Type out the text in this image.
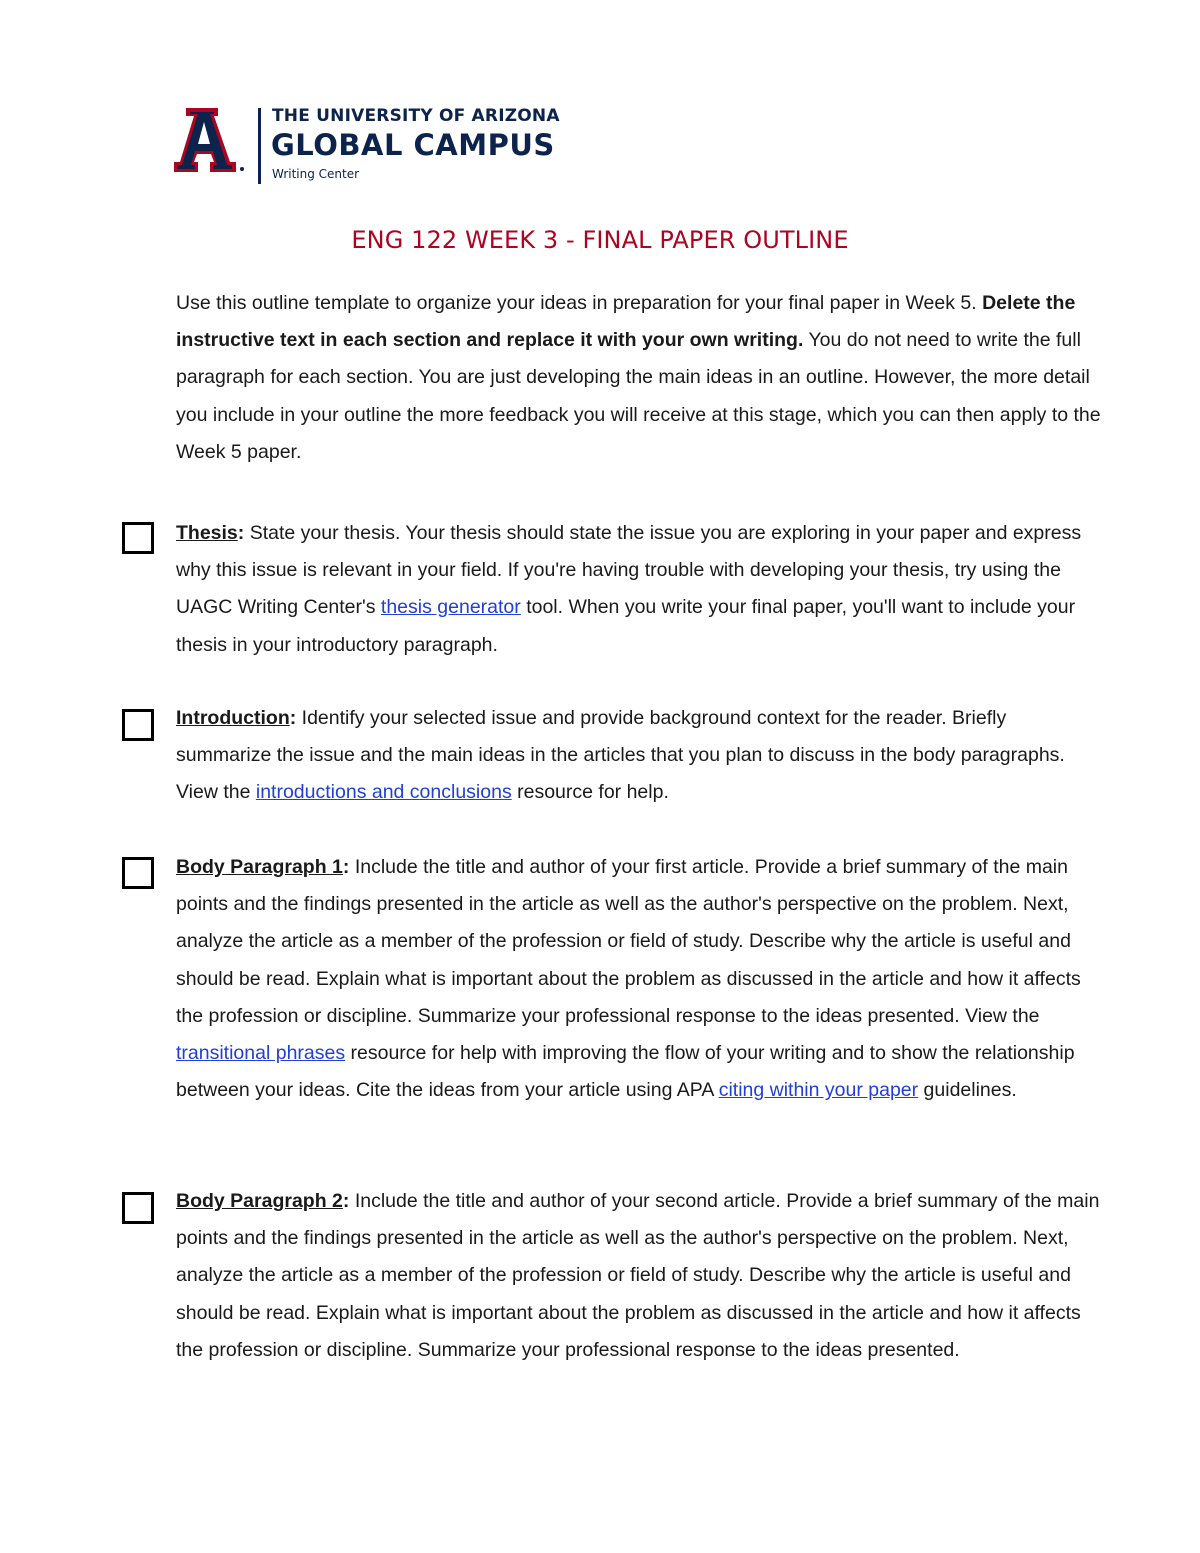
THE UNIVERSITY OF ARIZONA
GLOBAL CAMPUS
Writing Center
ENG 122 WEEK 3 - FINAL PAPER OUTLINE
Use this outline template to organize your ideas in preparation for your final paper in Week 5. Delete the instructive text in each section and replace it with your own writing. You do not need to write the full paragraph for each section. You are just developing the main ideas in an outline. However, the more detail you include in your outline the more feedback you will receive at this stage, which you can then apply to the Week 5 paper.
Thesis: State your thesis. Your thesis should state the issue you are exploring in your paper and express why this issue is relevant in your field. If you're having trouble with developing your thesis, try using the UAGC Writing Center's thesis generator tool. When you write your final paper, you'll want to include your thesis in your introductory paragraph.
Introduction: Identify your selected issue and provide background context for the reader. Briefly summarize the issue and the main ideas in the articles that you plan to discuss in the body paragraphs. View the introductions and conclusions resource for help.
Body Paragraph 1: Include the title and author of your first article. Provide a brief summary of the main points and the findings presented in the article as well as the author's perspective on the problem. Next, analyze the article as a member of the profession or field of study. Describe why the article is useful and should be read. Explain what is important about the problem as discussed in the article and how it affects the profession or discipline. Summarize your professional response to the ideas presented. View the transitional phrases resource for help with improving the flow of your writing and to show the relationship between your ideas. Cite the ideas from your article using APA citing within your paper guidelines.
Body Paragraph 2: Include the title and author of your second article. Provide a brief summary of the main points and the findings presented in the article as well as the author's perspective on the problem. Next, analyze the article as a member of the profession or field of study. Describe why the article is useful and should be read. Explain what is important about the problem as discussed in the article and how it affects the profession or discipline. Summarize your professional response to the ideas presented.
